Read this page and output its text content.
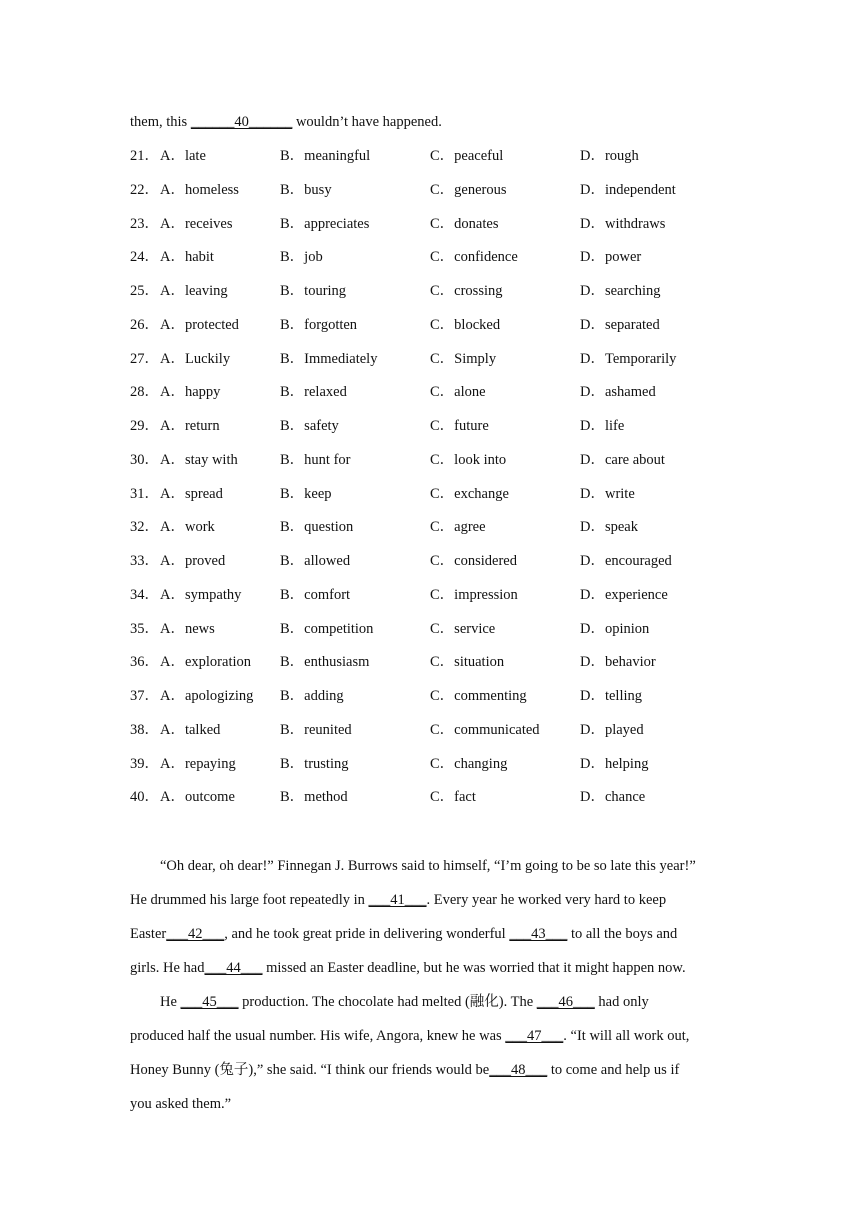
them, this ______40______ wouldn’t have happened.
21． A．late	B．meaningful	C．peaceful	D．rough
22． A．homeless	B．busy	C．generous	D．independent
23． A．receives	B．appreciates	C．donates	D．withdraws
24． A．habit	B．job	C．confidence	D．power
25． A．leaving	B．touring	C．crossing	D．searching
26． A．protected	B．forgotten	C．blocked	D．separated
27． A．Luckily	B．Immediately	C．Simply	D．Temporarily
28． A．happy	B．relaxed	C．alone	D．ashamed
29． A．return	B．safety	C．future	D．life
30． A．stay with	B．hunt for	C．look into	D．care about
31． A．spread	B．keep	C．exchange	D．write
32． A．work	B．question	C．agree	D．speak
33． A．proved	B．allowed	C．considered	D．encouraged
34． A．sympathy	B．comfort	C．impression	D．experience
35． A．news	B．competition	C．service	D．opinion
36． A．exploration B．enthusiasm	C．situation	D．behavior
37． A．apologizing B．adding	C．commenting	D．telling
38． A．talked	B．reunited	C．communicated	D．played
39． A．repaying	B．trusting	C．changing	D．helping
40． A．outcome	B．method	C．fact	D．chance
“Oh dear, oh dear!” Finnegan J. Burrows said to himself, “I’m going to be so late this year!”
He drummed his large foot repeatedly in ___41___. Every year he worked very hard to keep
Easter___42___, and he took great pride in delivering wonderful ___43___ to all the boys and
girls. He had___44___ missed an Easter deadline, but he was worried that it might happen now.
He ___45___ production. The chocolate had melted (融化). The ___46___ had only
produced half the usual number. His wife, Angora, knew he was ___47___. “It will all work out,
Honey Bunny (兔子),” she said. “I think our friends would be___48___ to come and help us if
you asked them.”
